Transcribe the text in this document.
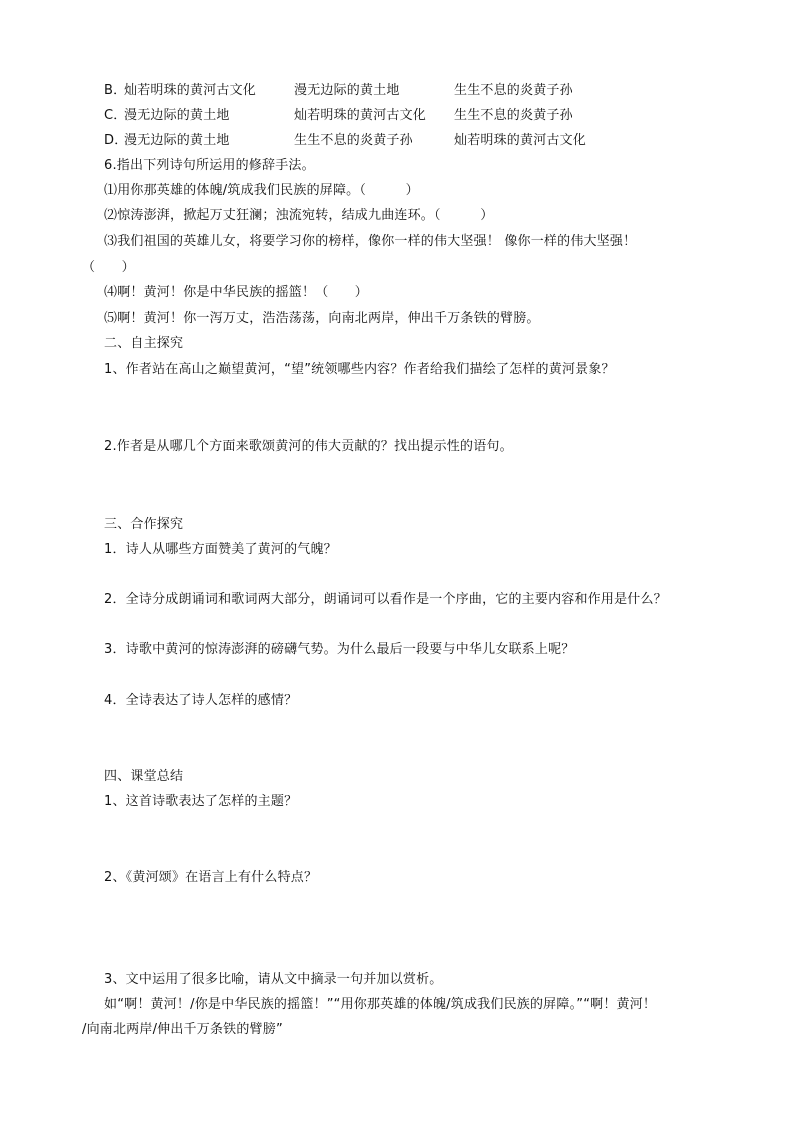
B．
灿若明珠的黄河古文化	漫无边际的黄土地	生生不息的炎黄子孙
C．
漫无边际的黄土地	灿若明珠的黄河古文化 生生不息的炎黄子孙
D．
漫无边际的黄土地	生生不息的炎黄子孙	灿若明珠的黄河古文化
6.指出下列诗句所运用的修辞手法。
⑴用你那英雄的体魄/筑成我们民族的屏障。（　　　）
⑵惊涛澎湃，掀起万丈狂澜；浊流宛转，结成九曲连环。（　　　）
⑶我们祖国的英雄儿女，将要学习你的榜样，像你一样的伟大坚强！ 像你一样的伟大坚强！
（　　）
⑷啊！黄河！你是中华民族的摇篮！（　　）
⑸啊！黄河！你一泻万丈，浩浩荡荡，向南北两岸，伸出千万条铁的臂膀。
二、自主探究
1、作者站在高山之巅望黄河，“望”统领哪些内容？作者给我们描绘了怎样的黄河景象？
2.作者是从哪几个方面来歌颂黄河的伟大贡献的？找出提示性的语句。
三、合作探究
1．诗人从哪些方面赞美了黄河的气魄？
2．全诗分成朗诵词和歌词两大部分，朗诵词可以看作是一个序曲，它的主要内容和作用是什么？
3．诗歌中黄河的惊涛澎湃的磅礴气势。为什么最后一段要与中华儿女联系上呢？
4．全诗表达了诗人怎样的感情？
四、课堂总结
1、这首诗歌表达了怎样的主题？
2、《黄河颂》在语言上有什么特点？
3、文中运用了很多比喻，请从文中摘录一句并加以赏析。
如“啊！黄河！/你是中华民族的摇篮！”“用你那英雄的体魄/筑成我们民族的屏障。”“啊！黄河！
/向南北两岸/伸出千万条铁的臂膀”
